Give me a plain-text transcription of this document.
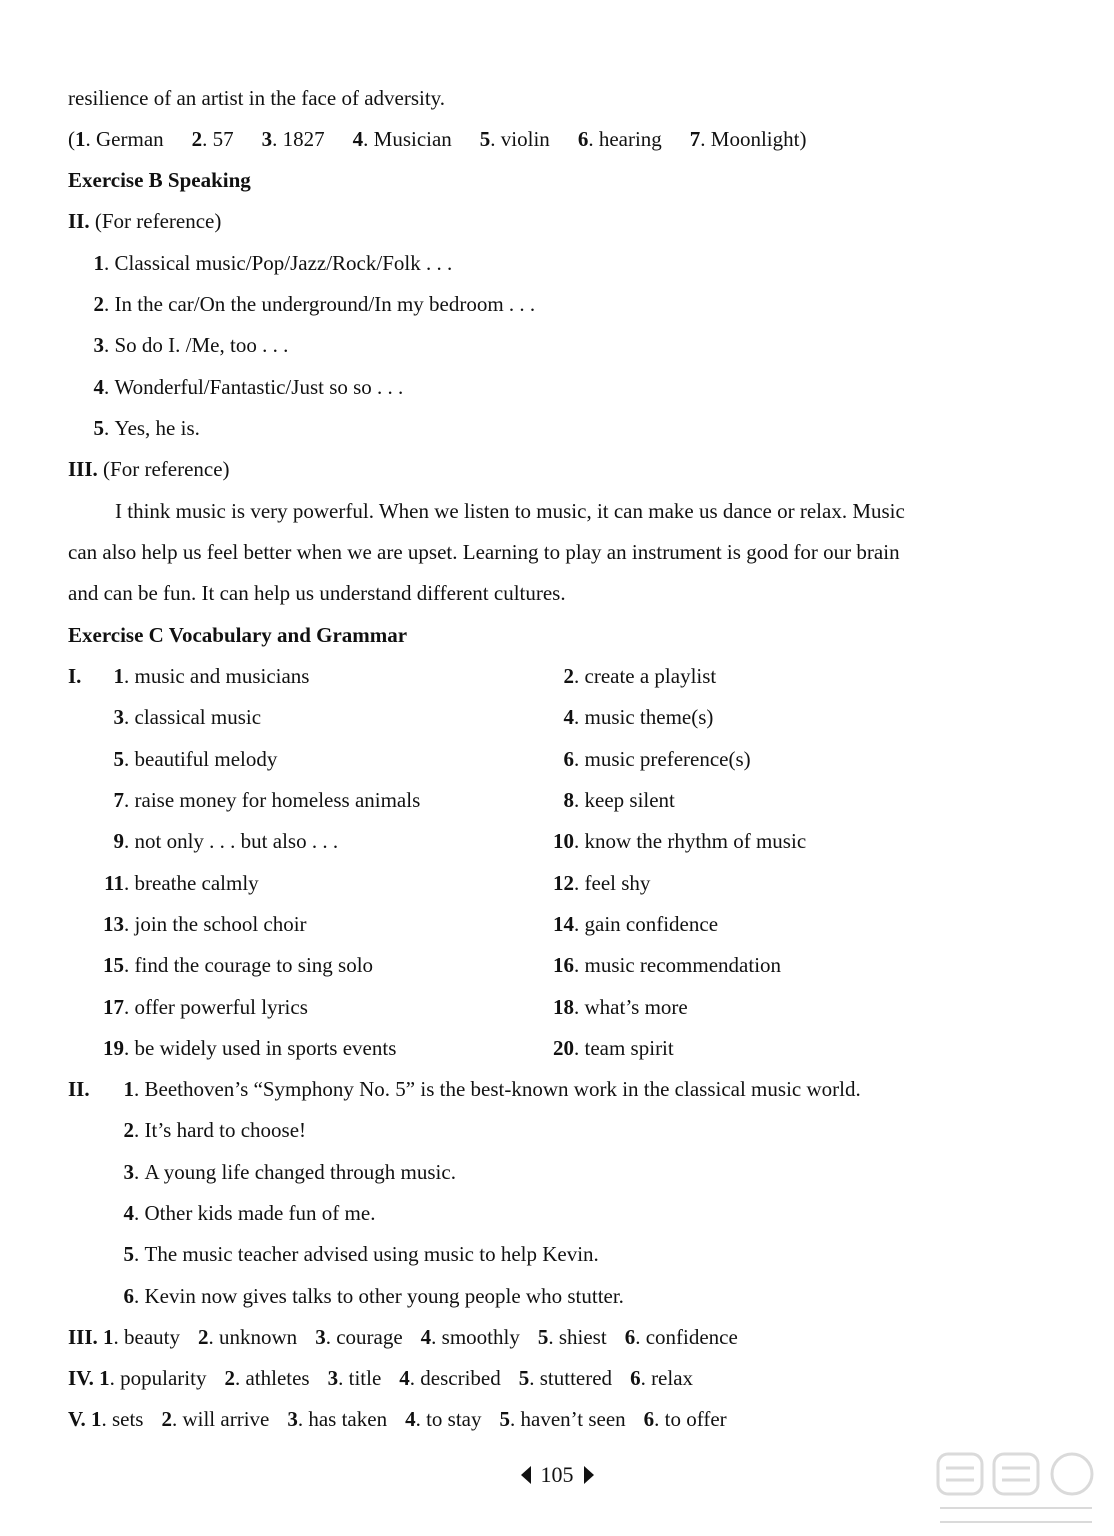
resilience of an artist in the face of adversity.
(1. German 2. 57 3. 1827 4. Musician 5. violin 6. hearing 7. Moonlight)
Exercise B Speaking
II. (For reference)
1. Classical music/Pop/Jazz/Rock/Folk . . .
2. In the car/On the underground/In my bedroom . . .
3. So do I. /Me, too . . .
4. Wonderful/Fantastic/Just so so . . .
5. Yes, he is.
III. (For reference)
I think music is very powerful. When we listen to music, it can make us dance or relax. Music
can also help us feel better when we are upset. Learning to play an instrument is good for our brain
and can be fun. It can help us understand different cultures.
Exercise C Vocabulary and Grammar
I.	1. music and musicians	2. create a playlist
3. classical music	4. music theme(s)
5. beautiful melody	6. music preference(s)
7. raise money for homeless animals	8. keep silent
9. not only . . . but also . . .	10. know the rhythm of music
11. breathe calmly	12. feel shy
13. join the school choir	14. gain confidence
15. find the courage to sing solo	16. music recommendation
17. offer powerful lyrics	18. what’s more
19. be widely used in sports events	20. team spirit
II.	1. Beethoven’s “Symphony No. 5” is the best-known work in the classical music world.
2. It’s hard to choose!
3. A young life changed through music.
4. Other kids made fun of me.
5. The music teacher advised using music to help Kevin.
6. Kevin now gives talks to other young people who stutter.
III. 1. beauty 2. unknown 3. courage 4. smoothly 5. shiest 6. confidence
IV. 1. popularity 2. athletes 3. title 4. described 5. stuttered 6. relax
V. 1. sets 2. will arrive 3. has taken 4. to stay 5. haven’t seen 6. to offer
105
